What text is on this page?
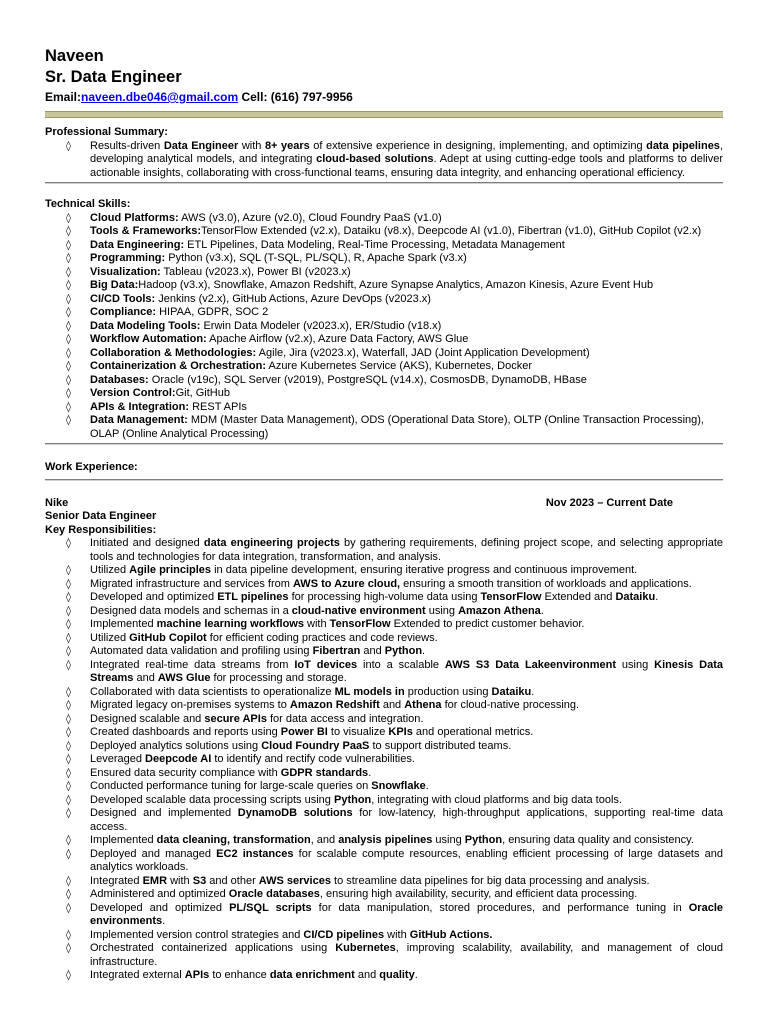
Naveen
Sr. Data Engineer
Email:naveen.dbe046@gmail.com Cell: (616) 797-9956
Professional Summary:
◊ Results-driven Data Engineer with 8+ years of extensive experience in designing, implementing, and optimizing data pipelines, developing analytical models, and integrating cloud-based solutions. Adept at using cutting-edge tools and platforms to deliver actionable insights, collaborating with cross-functional teams, ensuring data integrity, and enhancing operational efficiency.
Technical Skills:
◊ Cloud Platforms: AWS (v3.0), Azure (v2.0), Cloud Foundry PaaS (v1.0)
◊ Tools & Frameworks:TensorFlow Extended (v2.x), Dataiku (v8.x), Deepcode AI (v1.0), Fibertran (v1.0), GitHub Copilot (v2.x)
◊ Data Engineering: ETL Pipelines, Data Modeling, Real-Time Processing, Metadata Management
◊ Programming: Python (v3.x), SQL (T-SQL, PL/SQL), R, Apache Spark (v3.x)
◊ Visualization: Tableau (v2023.x), Power BI (v2023.x)
◊ Big Data:Hadoop (v3.x), Snowflake, Amazon Redshift, Azure Synapse Analytics, Amazon Kinesis, Azure Event Hub
◊ CI/CD Tools: Jenkins (v2.x), GitHub Actions, Azure DevOps (v2023.x)
◊ Compliance: HIPAA, GDPR, SOC 2
◊ Data Modeling Tools: Erwin Data Modeler (v2023.x), ER/Studio (v18.x)
◊ Workflow Automation: Apache Airflow (v2.x), Azure Data Factory, AWS Glue
◊ Collaboration & Methodologies: Agile, Jira (v2023.x), Waterfall, JAD (Joint Application Development)
◊ Containerization & Orchestration: Azure Kubernetes Service (AKS), Kubernetes, Docker
◊ Databases: Oracle (v19c), SQL Server (v2019), PostgreSQL (v14.x), CosmosDB, DynamoDB, HBase
◊ Version Control:Git, GitHub
◊ APIs & Integration: REST APIs
◊ Data Management: MDM (Master Data Management), ODS (Operational Data Store), OLTP (Online Transaction Processing), OLAP (Online Analytical Processing)
Work Experience:
Nike	Nov 2023 – Current Date
Senior Data Engineer
Key Responsibilities:
◊ Initiated and designed data engineering projects by gathering requirements, defining project scope, and selecting appropriate tools and technologies for data integration, transformation, and analysis.
◊ Utilized Agile principles in data pipeline development, ensuring iterative progress and continuous improvement.
◊ Migrated infrastructure and services from AWS to Azure cloud, ensuring a smooth transition of workloads and applications.
◊ Developed and optimized ETL pipelines for processing high-volume data using TensorFlow Extended and Dataiku.
◊ Designed data models and schemas in a cloud-native environment using Amazon Athena.
◊ Implemented machine learning workflows with TensorFlow Extended to predict customer behavior.
◊ Utilized GitHub Copilot for efficient coding practices and code reviews.
◊ Automated data validation and profiling using Fibertran and Python.
◊ Integrated real-time data streams from IoT devices into a scalable AWS S3 Data Lakeenvironment using Kinesis Data Streams and AWS Glue for processing and storage.
◊ Collaborated with data scientists to operationalize ML models in production using Dataiku.
◊ Migrated legacy on-premises systems to Amazon Redshift and Athena for cloud-native processing.
◊ Designed scalable and secure APIs for data access and integration.
◊ Created dashboards and reports using Power BI to visualize KPIs and operational metrics.
◊ Deployed analytics solutions using Cloud Foundry PaaS to support distributed teams.
◊ Leveraged Deepcode AI to identify and rectify code vulnerabilities.
◊ Ensured data security compliance with GDPR standards.
◊ Conducted performance tuning for large-scale queries on Snowflake.
◊ Developed scalable data processing scripts using Python, integrating with cloud platforms and big data tools.
◊ Designed and implemented DynamoDB solutions for low-latency, high-throughput applications, supporting real-time data access.
◊ Implemented data cleaning, transformation, and analysis pipelines using Python, ensuring data quality and consistency.
◊ Deployed and managed EC2 instances for scalable compute resources, enabling efficient processing of large datasets and analytics workloads.
◊ Integrated EMR with S3 and other AWS services to streamline data pipelines for big data processing and analysis.
◊ Administered and optimized Oracle databases, ensuring high availability, security, and efficient data processing.
◊ Developed and optimized PL/SQL scripts for data manipulation, stored procedures, and performance tuning in Oracle environments.
◊ Implemented version control strategies and CI/CD pipelines with GitHub Actions.
◊ Orchestrated containerized applications using Kubernetes, improving scalability, availability, and management of cloud infrastructure.
◊ Integrated external APIs to enhance data enrichment and quality.
